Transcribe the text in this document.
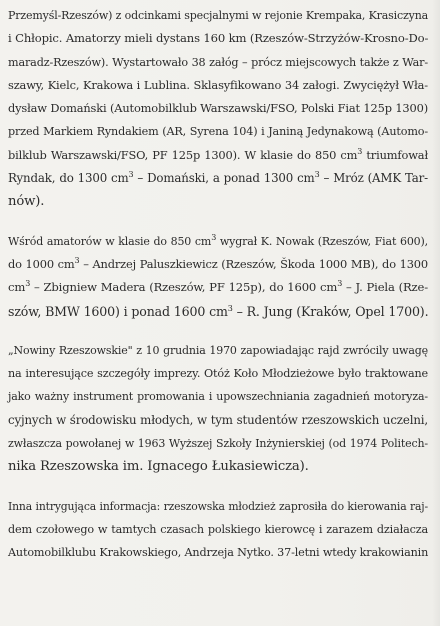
Przemyśl-Rzeszów) z odcinkami specjalnymi w rejonie Krempaka, Krasiczyna
i Chłopic. Amatorzy mieli dystans 160 km (Rzeszów-Strzyżów-Krosno-Do-
maradz-Rzeszów). Wystartowało 38 załóg – prócz miejscowych także z War-
szawy, Kielc, Krakowa i Lublina. Sklasyfikowano 34 załogi. Zwyciężył Wła-
dysław Domański (Automobilklub Warszawski/FSO, Polski Fiat 125p 1300)
przed Markiem Ryndakiem (AR, Syrena 104) i Janiną Jedynakową (Automo-
bilklub Warszawski/FSO, PF 125p 1300). W klasie do 850 $cm^3$ triumfował
Ryndak, do 1300 $cm^3$ – Domański, a ponad 1300 $cm^3$ – Mróz (AMK Tar-
nów).
Wśród amatorów w klasie do 850 $cm^3$ wygrał K. Nowak (Rzeszów, Fiat 600),
do 1000 $cm^3$ – Andrzej Paluszkiewicz (Rzeszów, Škoda 1000 MB), do 1300
$cm^3$ – Zbigniew Madera (Rzeszów, PF 125p), do 1600 $cm^3$ – J. Piela (Rze-
szów, BMW 1600) i ponad 1600 $cm^3$ – R. Jung (Kraków, Opel 1700).
„Nowiny Rzeszowskie" z 10 grudnia 1970 zapowiadając rajd zwrócily uwagę
na interesujące szczegóły imprezy. Otóż Koło Młodzieżowe było traktowane
jako ważny instrument promowania i upowszechniania zagadnień motoryza-
cyjnych w środowisku młodych, w tym studentów rzeszowskich uczelni,
zwłaszcza powołanej w 1963 Wyższej Szkoły Inżynierskiej (od 1974 Politech-
nika Rzeszowska im. Ignacego Łukasiewicza).
Inna intrygująca informacja: rzeszowska młodzież zaprosiła do kierowania raj-
dem czołowego w tamtych czasach polskiego kierowcę i zarazem działacza
Automobilklubu Krakowskiego, Andrzeja Nytko. 37-letni wtedy krakowianin
